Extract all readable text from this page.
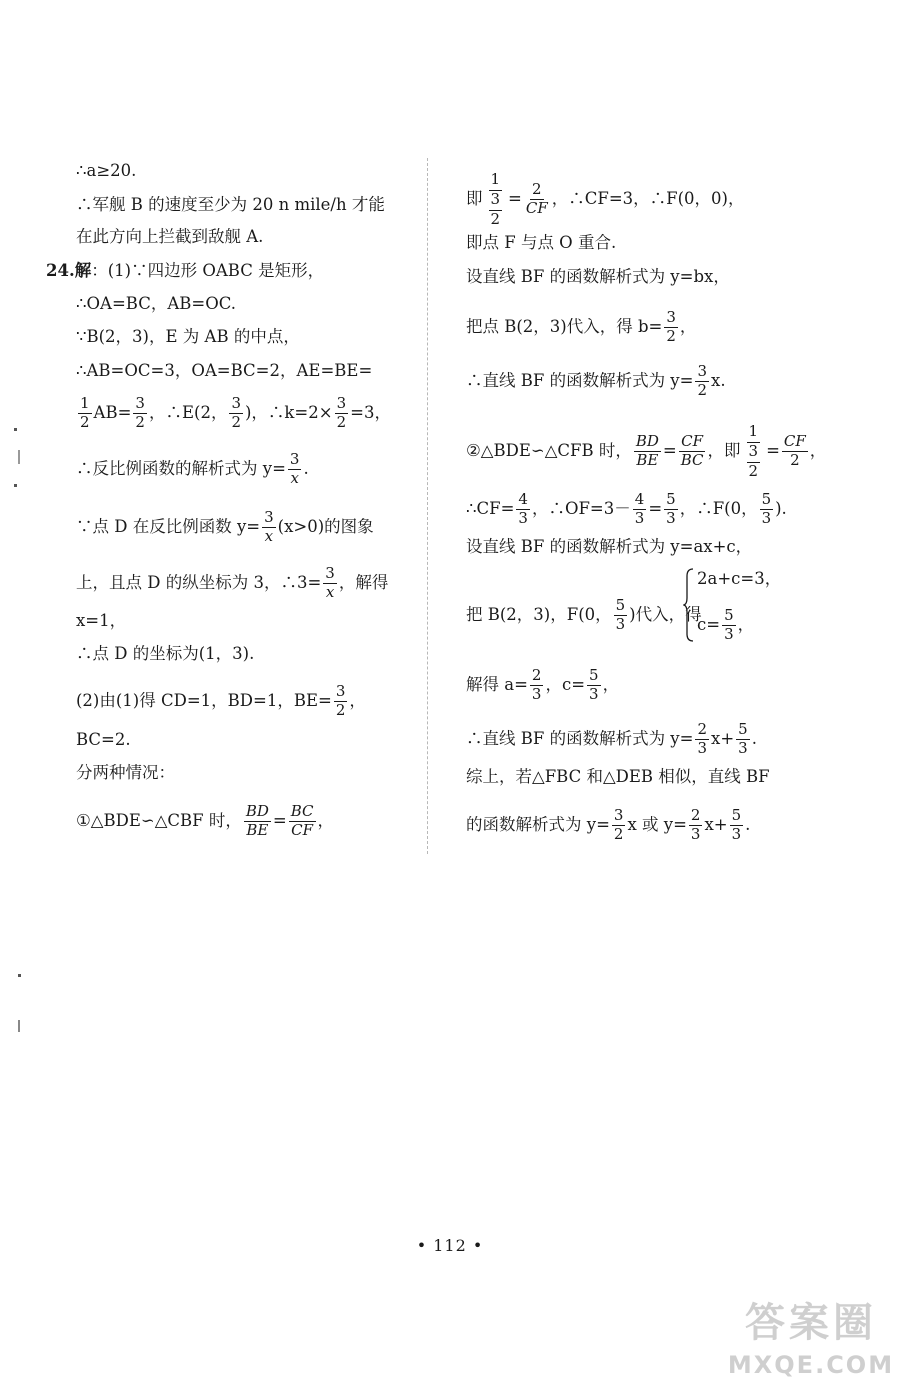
∴a≥20.
∴军舰 B 的速度至少为 20 n mile/h 才能
在此方向上拦截到敌舰 A.
24.解：(1)∵四边形 OABC 是矩形，
∴OA=BC，AB=OC.
∵B(2，3)，E 为 AB 的中点，
∴AB=OC=3，OA=BC=2，AE=BE=
$\frac{1}{2} AB= \frac{3}{2}$ ，∴E(2， $\frac{3}{2}$ )，∴k=2× $\frac{3}{2} =3$，
∴反比例函数的解析式为 $y= \frac{3}{x}$ .
∵点 D 在反比例函数 $y= \frac{3}{x} (x>0)$的图象
上，且点 D 的纵坐标为 3，∴3= $\frac{3}{x}$ ，解得
x=1，
∴点 D 的坐标为(1，3).
(2)由(1)得 CD=1，BD=1，$BE= \frac{3}{2}$ ，
BC=2.
分两种情况：
①△BDE∽△CBF 时， $\frac{BD}{BE} = \frac{BC}{CF}$ ，
即 $\frac{1}{\frac{3}{2}} = \frac{2}{CF}$ ，∴CF=3，∴F(0，0)，
即点 F 与点 O 重合.
设直线 BF 的函数解析式为 y=bx，
把点 B(2，3)代入，得 $b= \frac{3}{2}$ ，
∴直线 BF 的函数解析式为 $y= \frac{3}{2} x$.
②△BDE∽△CFB 时， $\frac{BD}{BE} = \frac{CF}{BC}$ ，即 $\frac{1}{\frac{3}{2}} = \frac{CF}{2}$ ，
∴CF= $\frac{4}{3}$ ，∴OF=3－ $\frac{4}{3} = \frac{5}{3}$ ，∴F(0， $\frac{5}{3}$ ).
设直线 BF 的函数解析式为 y=ax+c，
把 B(2，3)，F(0， $\frac{5}{3}$ )代入，得
2a+c=3，
$c= \frac{5}{3}$ ，
解得 $a= \frac{2}{3}$ ，$c= \frac{5}{3}$ ，
∴直线 BF 的函数解析式为 $y= \frac{2}{3} x+ \frac{5}{3}$ .
综上，若△FBC 和△DEB 相似，直线 BF
的函数解析式为 $y= \frac{3}{2}$ x 或 $y= \frac{2}{3} x+ \frac{5}{3}$ .
• 112 •
答案圈
MXQE.COM
